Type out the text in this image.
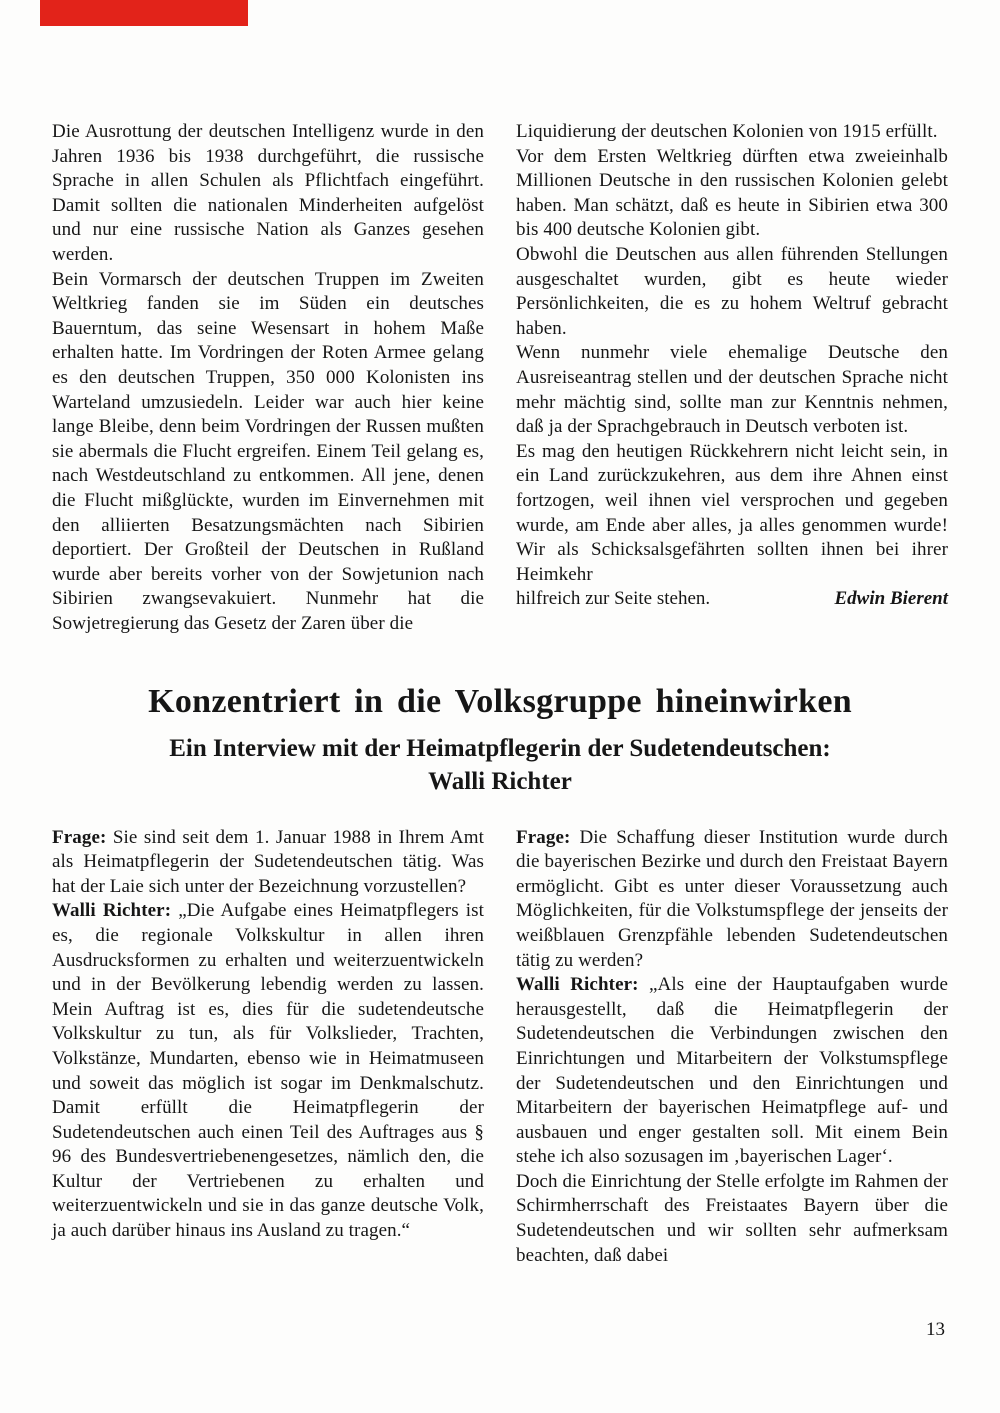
Die Ausrottung der deutschen Intelligenz wurde in den Jahren 1936 bis 1938 durchgeführt, die russische Sprache in allen Schulen als Pflichtfach eingeführt. Damit sollten die nationalen Minderheiten aufgelöst und nur eine russische Nation als Ganzes gesehen werden.

Bein Vormarsch der deutschen Truppen im Zweiten Weltkrieg fanden sie im Süden ein deutsches Bauerntum, das seine Wesensart in hohem Maße erhalten hatte. Im Vordringen der Roten Armee gelang es den deutschen Truppen, 350 000 Kolonisten ins Warteland umzusiedeln. Leider war auch hier keine lange Bleibe, denn beim Vordringen der Russen mußten sie abermals die Flucht ergreifen. Einem Teil gelang es, nach Westdeutschland zu entkommen. All jene, denen die Flucht mißglückte, wurden im Einvernehmen mit den alliierten Besatzungsmächten nach Sibirien deportiert. Der Großteil der Deutschen in Rußland wurde aber bereits vorher von der Sowjetunion nach Sibirien zwangsevakuiert. Nunmehr hat die Sowjetregierung das Gesetz der Zaren über die

Liquidierung der deutschen Kolonien von 1915 erfüllt.

Vor dem Ersten Weltkrieg dürften etwa zweieinhalb Millionen Deutsche in den russischen Kolonien gelebt haben. Man schätzt, daß es heute in Sibirien etwa 300 bis 400 deutsche Kolonien gibt.

Obwohl die Deutschen aus allen führenden Stellungen ausgeschaltet wurden, gibt es heute wieder Persönlichkeiten, die es zu hohem Weltruf gebracht haben.

Wenn nunmehr viele ehemalige Deutsche den Ausreiseantrag stellen und der deutschen Sprache nicht mehr mächtig sind, sollte man zur Kenntnis nehmen, daß ja der Sprachgebrauch in Deutsch verboten ist.

Es mag den heutigen Rückkehrern nicht leicht sein, in ein Land zurückzukehren, aus dem ihre Ahnen einst fortzogen, weil ihnen viel versprochen und gegeben wurde, am Ende aber alles, ja alles genommen wurde! Wir als Schicksalsgefährten sollten ihnen bei ihrer Heimkehr

hilfreich zur Seite stehen.	Edwin Bierent
Konzentriert in die Volksgruppe hineinwirken
Ein Interview mit der Heimatpflegerin der Sudetendeutschen:
Walli Richter

Frage: Sie sind seit dem 1. Januar 1988 in Ihrem Amt als Heimatpflegerin der Sudetendeutschen tätig. Was hat der Laie sich unter der Bezeichnung vorzustellen?

Walli Richter: „Die Aufgabe eines Heimatpflegers ist es, die regionale Volkskultur in allen ihren Ausdrucksformen zu erhalten und weiterzuentwickeln und in der Bevölkerung lebendig werden zu lassen. Mein Auftrag ist es, dies für die sudetendeutsche Volkskultur zu tun, als für Volkslieder, Trachten, Volkstänze, Mundarten, ebenso wie in Heimatmuseen und soweit das möglich ist sogar im Denkmalschutz. Damit erfüllt die Heimatpflegerin der Sudetendeutschen auch einen Teil des Auftrages aus § 96 des Bundesvertriebenengesetzes, nämlich den, die Kultur der Vertriebenen zu erhalten und weiterzuentwickeln und sie in das ganze deutsche Volk, ja auch darüber hinaus ins Ausland zu tragen.“

Frage: Die Schaffung dieser Institution wurde durch die bayerischen Bezirke und durch den Freistaat Bayern ermöglicht. Gibt es unter dieser Voraussetzung auch Möglichkeiten, für die Volkstumspflege der jenseits der weißblauen Grenzpfähle lebenden Sudetendeutschen tätig zu werden?

Walli Richter: „Als eine der Hauptaufgaben wurde herausgestellt, daß die Heimatpflegerin der Sudetendeutschen die Verbindungen zwischen den Einrichtungen und Mitarbeitern der Volkstumspflege der Sudetendeutschen und den Einrichtungen und Mitarbeitern der bayerischen Heimatpflege auf- und ausbauen und enger gestalten soll. Mit einem Bein stehe ich also sozusagen im ‚bayerischen Lager‘.

Doch die Einrichtung der Stelle erfolgte im Rahmen der Schirmherrschaft des Freistaates Bayern über die Sudetendeutschen und wir sollten sehr aufmerksam beachten, daß dabei

13
